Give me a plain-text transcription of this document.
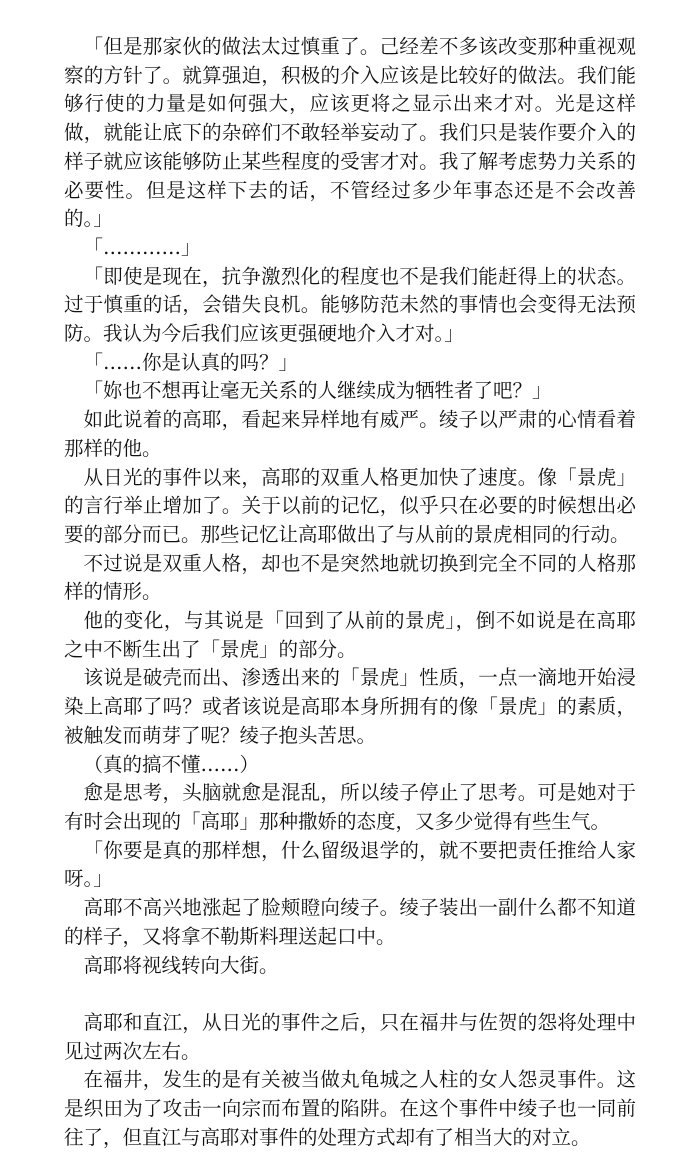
「但是那家伙的做法太过慎重了。己经差不多该改变那种重视观察的方针了。就算强迫，积极的介入应该是比较好的做法。我们能够行使的力量是如何强大，应该更将之显示出来才对。光是这样做，就能让底下的杂碎们不敢轻举妄动了。我们只是装作要介入的样子就应该能够防止某些程度的受害才对。我了解考虑势力关系的必要性。但是这样下去的话，不管经过多少年事态还是不会改善的。」

「…………」

「即使是现在，抗争激烈化的程度也不是我们能赶得上的状态。过于慎重的话，会错失良机。能够防范未然的事情也会变得无法预防。我认为今后我们应该更强硬地介入才对。」

「……你是认真的吗？」

「妳也不想再让毫无关系的人继续成为牺牲者了吧？」

如此说着的高耶，看起来异样地有威严。绫子以严肃的心情看着那样的他。

从日光的事件以来，高耶的双重人格更加快了速度。像「景虎」的言行举止增加了。关于以前的记忆，似乎只在必要的时候想出必要的部分而已。那些记忆让高耶做出了与从前的景虎相同的行动。

不过说是双重人格，却也不是突然地就切换到完全不同的人格那样的情形。

他的变化，与其说是「回到了从前的景虎」，倒不如说是在高耶之中不断生出了「景虎」的部分。

该说是破壳而出、渗透出来的「景虎」性质，一点一滴地开始浸染上高耶了吗？或者该说是高耶本身所拥有的像「景虎」的素质，被触发而萌芽了呢？绫子抱头苦思。

（真的搞不懂……）

愈是思考，头脑就愈是混乱，所以绫子停止了思考。可是她对于有时会出现的「高耶」那种撒娇的态度，又多少觉得有些生气。

「你要是真的那样想，什么留级退学的，就不要把责任推给人家呀。」

高耶不高兴地涨起了脸颊瞪向绫子。绫子装出一副什么都不知道的样子，又将拿不勒斯料理送起口中。

高耶将视线转向大街。

高耶和直江，从日光的事件之后，只在福井与佐贺的怨将处理中见过两次左右。

在福井，发生的是有关被当做丸龟城之人柱的女人怨灵事件。这是织田为了攻击一向宗而布置的陷阱。在这个事件中绫子也一同前往了，但直江与高耶对事件的处理方式却有了相当大的对立。
